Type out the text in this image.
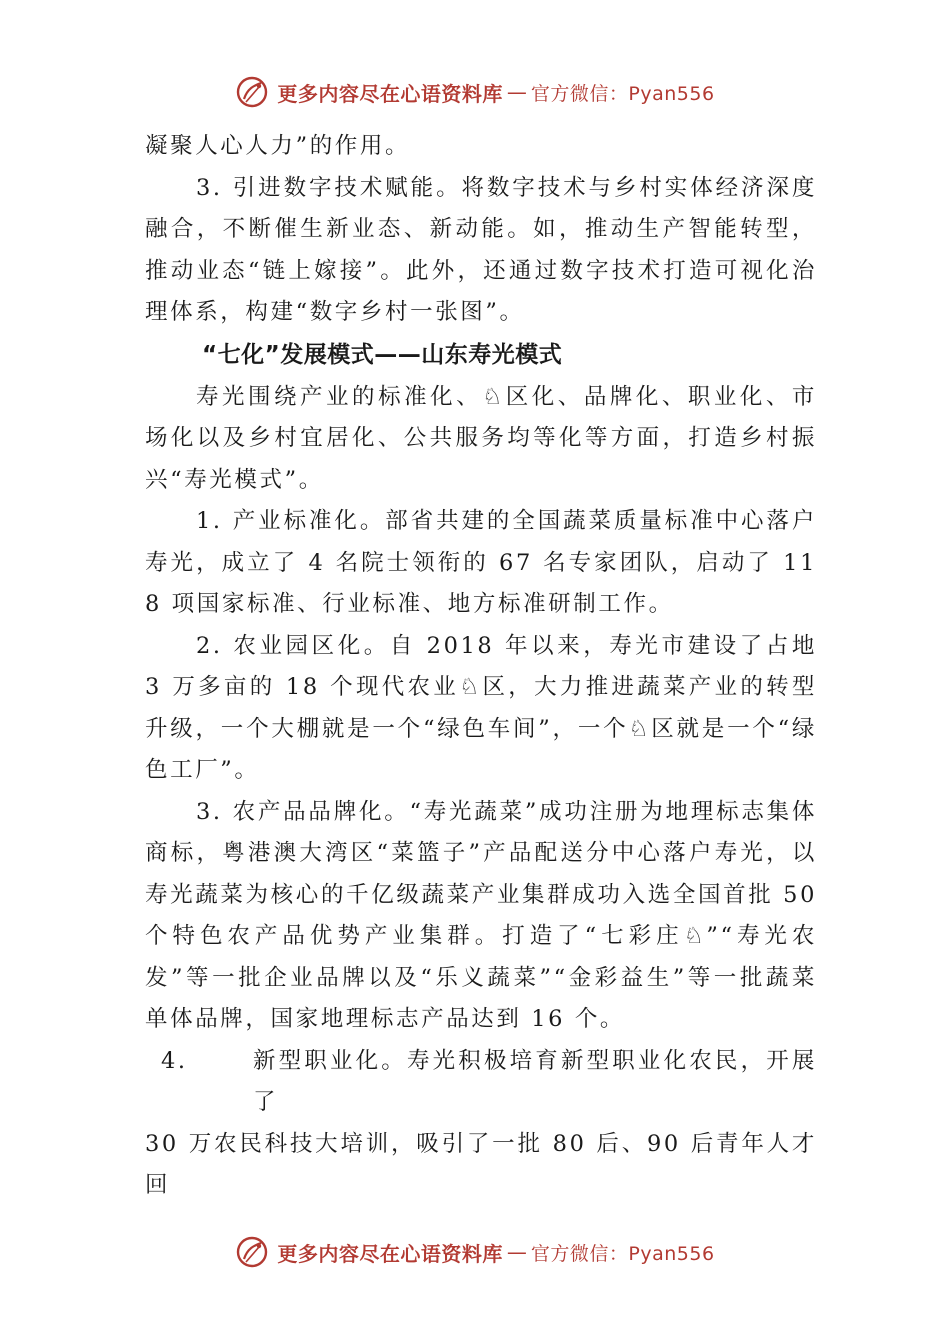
更多内容尽在心语资料库 — 官方微信：Pyan556

凝聚人心人力”的作用。

3. 引进数字技术赋能。将数字技术与乡村实体经济深度融合，不断催生新业态、新动能。如，推动生产智能转型， 推动业态“链上嫁接”。此外，还通过数字技术打造可视化治理体系，构建“数字乡村一张图”。

“七化”发展模式——山东寿光模式

寿光围绕产业的标准化、♘区化、品牌化、职业化、市场化以及乡村宜居化、公共服务均等化等方面，打造乡村振兴“寿光模式”。

1. 产业标准化。部省共建的全国蔬菜质量标准中心落户寿光，成立了 4 名院士领衔的 67 名专家团队，启动了 118 项国家标准、行业标准、地方标准研制工作。

2. 农业园区化。自 2018 年以来，寿光市建设了占地 3 万多亩的 18 个现代农业♘区，大力推进蔬菜产业的转型升级，一个大棚就是一个“绿色车间”，一个♘区就是一个“绿色工厂”。

3. 农产品品牌化。“寿光蔬菜”成功注册为地理标志集体商标，粤港澳大湾区“菜篮子”产品配送分中心落户寿光，以寿光蔬菜为核心的千亿级蔬菜产业集群成功入选全国首批 50 个特色农产品优势产业集群。打造了“七彩庄♘”“寿光农发”等一批企业品牌以及“乐义蔬菜”“金彩益生”等一批蔬菜单体品牌，国家地理标志产品达到 16 个。

4.	新型职业化。寿光积极培育新型职业化农民，开展了

30 万农民科技大培训，吸引了一批 80 后、90 后青年人才回

更多内容尽在心语资料库 — 官方微信：Pyan556
